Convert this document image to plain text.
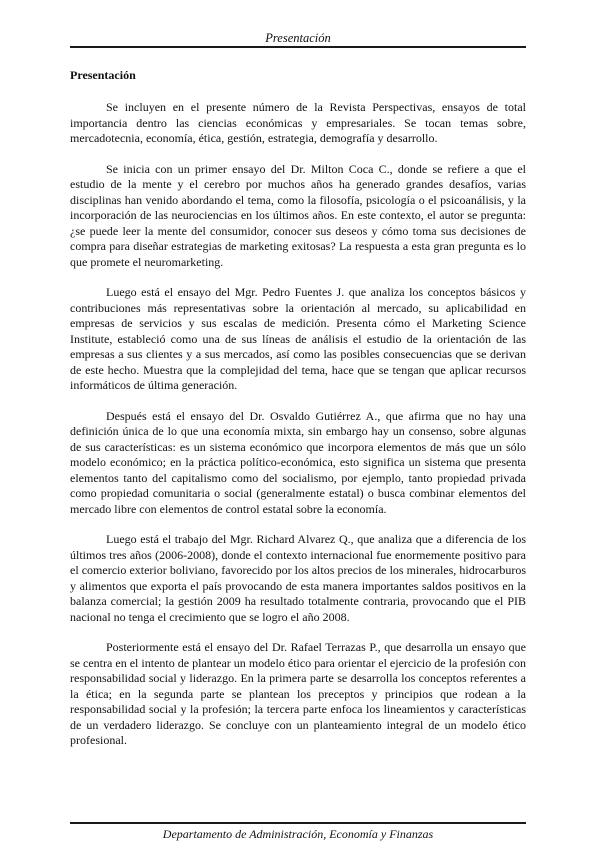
Presentación
Presentación

Se incluyen en el presente número de la Revista Perspectivas, ensayos de total importancia dentro las ciencias económicas y empresariales. Se tocan temas sobre, mercadotecnia, economía, ética, gestión, estrategia, demografía y desarrollo.

Se inicia con un primer ensayo del Dr. Milton Coca C., donde se refiere a que el estudio de la mente y el cerebro por muchos años ha generado grandes desafíos, varias disciplinas han venido abordando el tema, como la filosofía, psicología o el psicoanálisis, y la incorporación de las neurociencias en los últimos años. En este contexto, el autor se pregunta: ¿se puede leer la mente del consumidor, conocer sus deseos y cómo toma sus decisiones de compra para diseñar estrategias de marketing exitosas? La respuesta a esta gran pregunta es lo que promete el neuromarketing.

Luego está el ensayo del Mgr. Pedro Fuentes J. que analiza los conceptos básicos y contribuciones más representativas sobre la orientación al mercado, su aplicabilidad en empresas de servicios y sus escalas de medición. Presenta cómo el Marketing Science Institute, estableció como una de sus líneas de análisis el estudio de la orientación de las empresas a sus clientes y a sus mercados, así como las posibles consecuencias que se derivan de este hecho. Muestra que la complejidad del tema, hace que se tengan que aplicar recursos informáticos de última generación.

Después está el ensayo del Dr. Osvaldo Gutiérrez A., que afirma que no hay una definición única de lo que una economía mixta, sin embargo hay un consenso, sobre algunas de sus características: es un sistema económico que incorpora elementos de más que un sólo modelo económico; en la práctica político-económica, esto significa un sistema que presenta elementos tanto del capitalismo como del socialismo, por ejemplo, tanto propiedad privada como propiedad comunitaria o social (generalmente estatal) o busca combinar elementos del mercado libre con elementos de control estatal sobre la economía.

Luego está el trabajo del Mgr. Richard Alvarez Q., que analiza que a diferencia de los últimos tres años (2006-2008), donde el contexto internacional fue enormemente positivo para el comercio exterior boliviano, favorecido por los altos precios de los minerales, hidrocarburos y alimentos que exporta el país provocando de esta manera importantes saldos positivos en la balanza comercial; la gestión 2009 ha resultado totalmente contraria, provocando que el PIB nacional no tenga el crecimiento que se logro el año 2008.

Posteriormente está el ensayo del Dr. Rafael Terrazas P., que desarrolla un ensayo que se centra en el intento de plantear un modelo ético para orientar el ejercicio de la profesión con responsabilidad social y liderazgo. En la primera parte se desarrolla los conceptos referentes a la ética; en la segunda parte se plantean los preceptos y principios que rodean a la responsabilidad social y la profesión; la tercera parte enfoca los lineamientos y características de un verdadero liderazgo. Se concluye con un planteamiento integral de un modelo ético profesional.

Departamento de Administración, Economía y Finanzas
